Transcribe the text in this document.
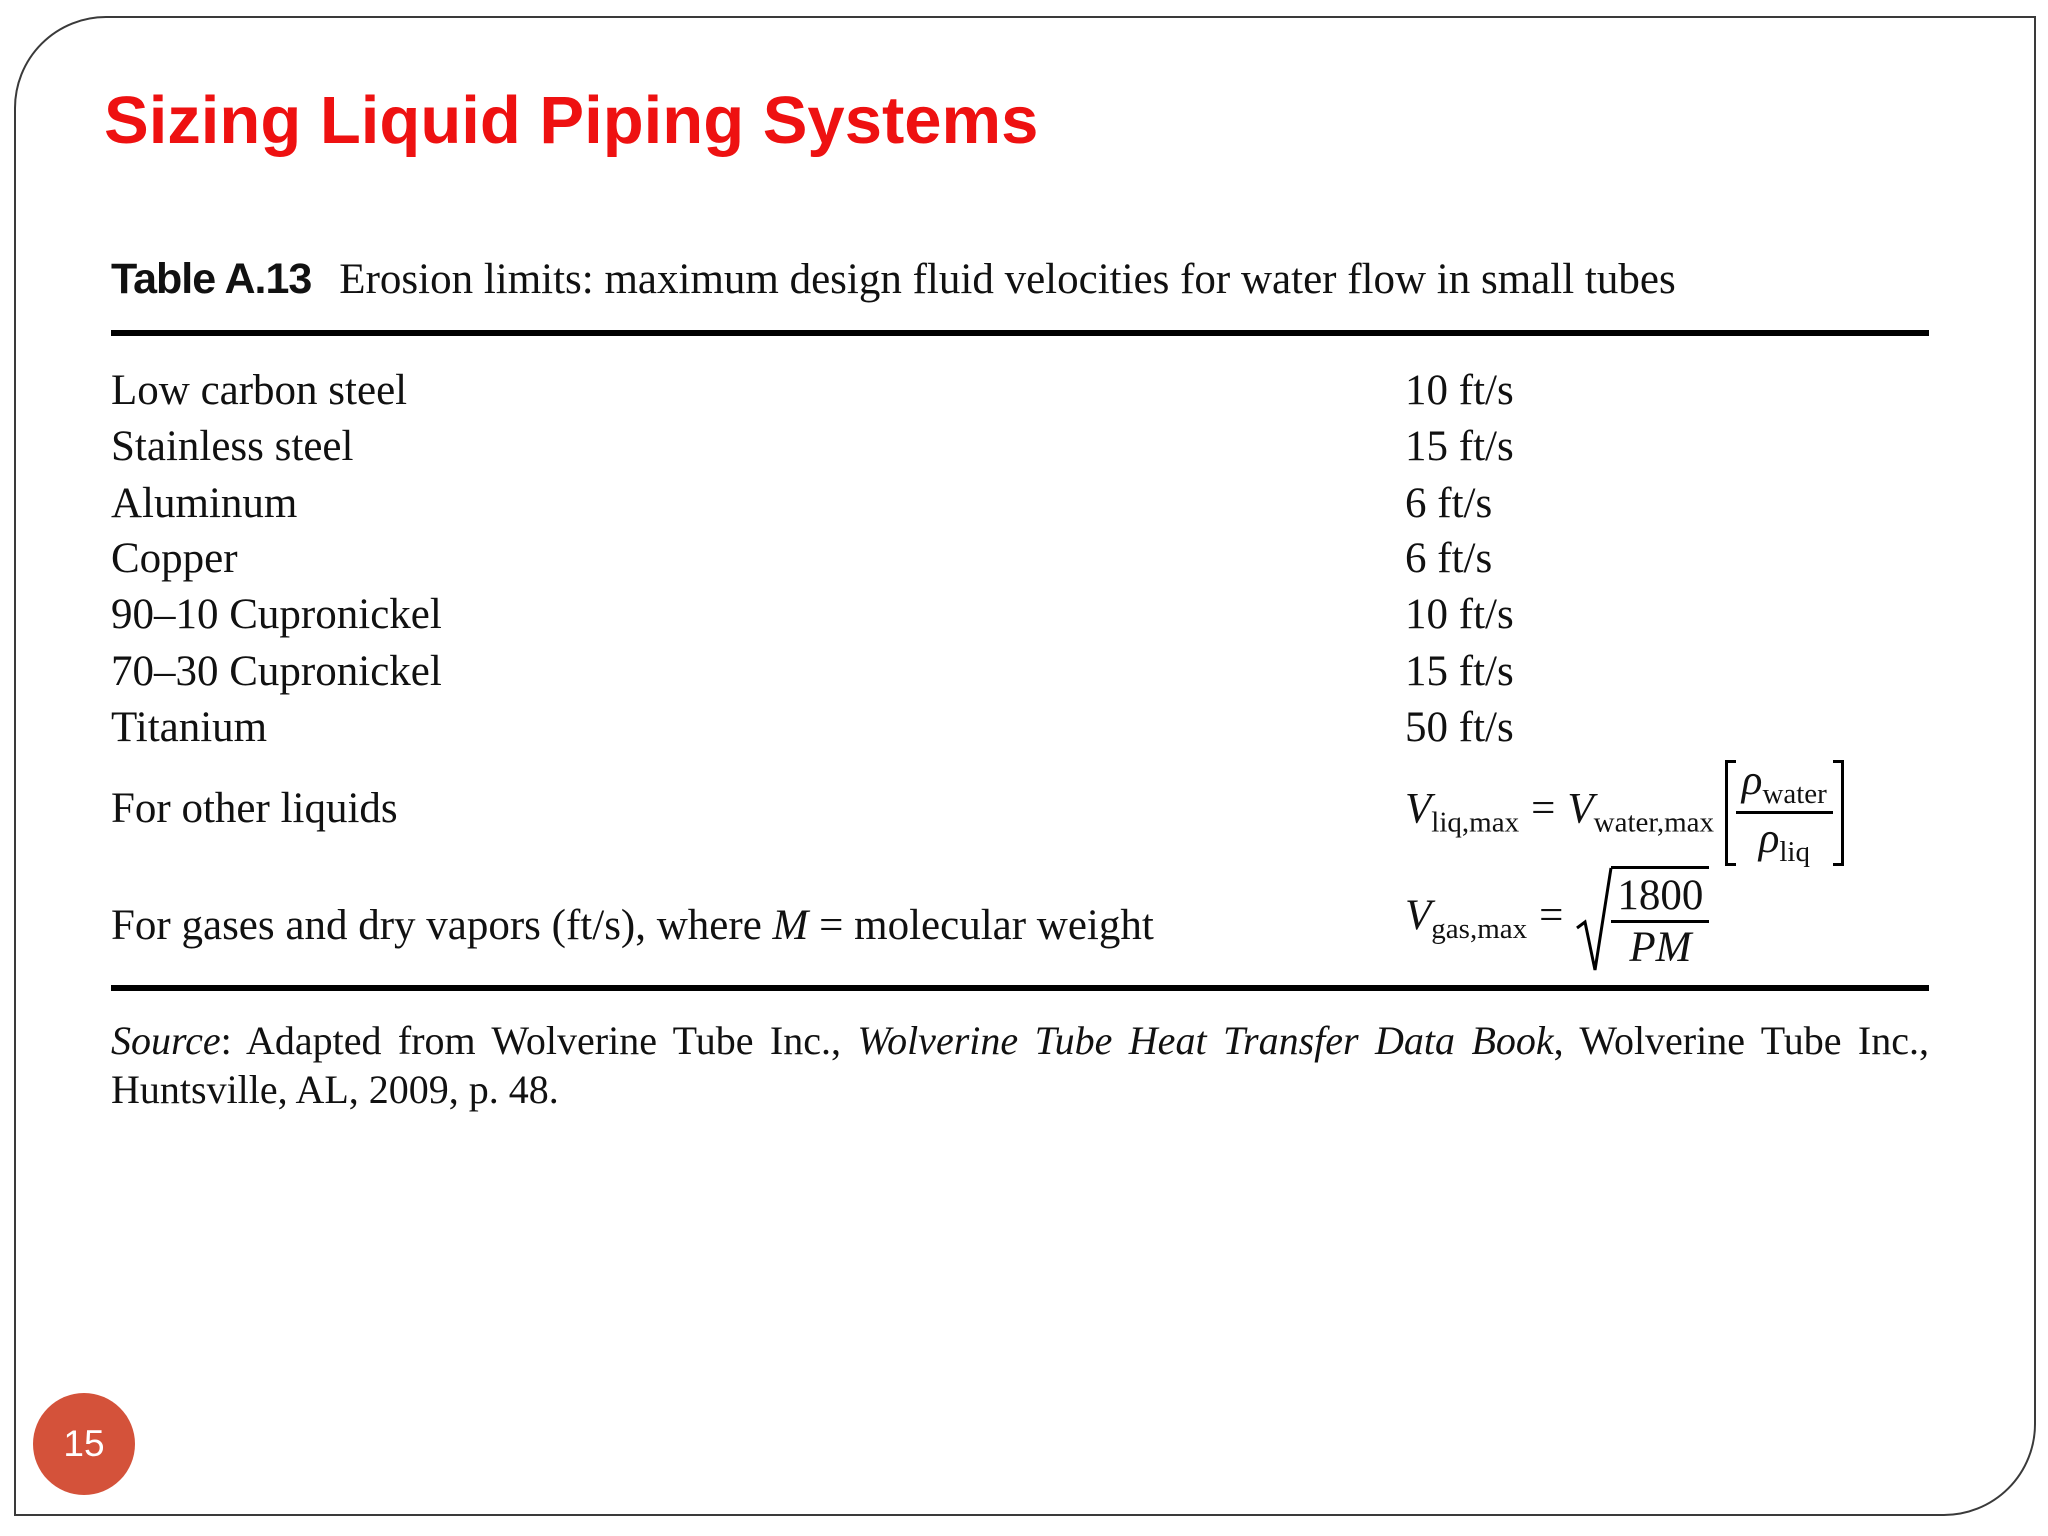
Sizing Liquid Piping Systems
Table A.13 Erosion limits: maximum design fluid velocities for water flow in small tubes
Low carbon steel	10 ft/s
Stainless steel	15 ft/s
Aluminum	6 ft/s
Copper	6 ft/s
90–10 Cupronickel	10 ft/s
70–30 Cupronickel	15 ft/s
Titanium	50 ft/s
For other liquids	$V_{liq,max} = V_{water,max} \frac{\rho_{water}}{\rho_{liq}}$
For gases and dry vapors (ft/s), where M = molecular weight	$V_{gas,max} = \frac{1800}{PM}$
Source: Adapted from Wolverine Tube Inc., Wolverine Tube Heat Transfer Data Book, Wolverine Tube Inc., Huntsville, AL, 2009, p. 48.
15
